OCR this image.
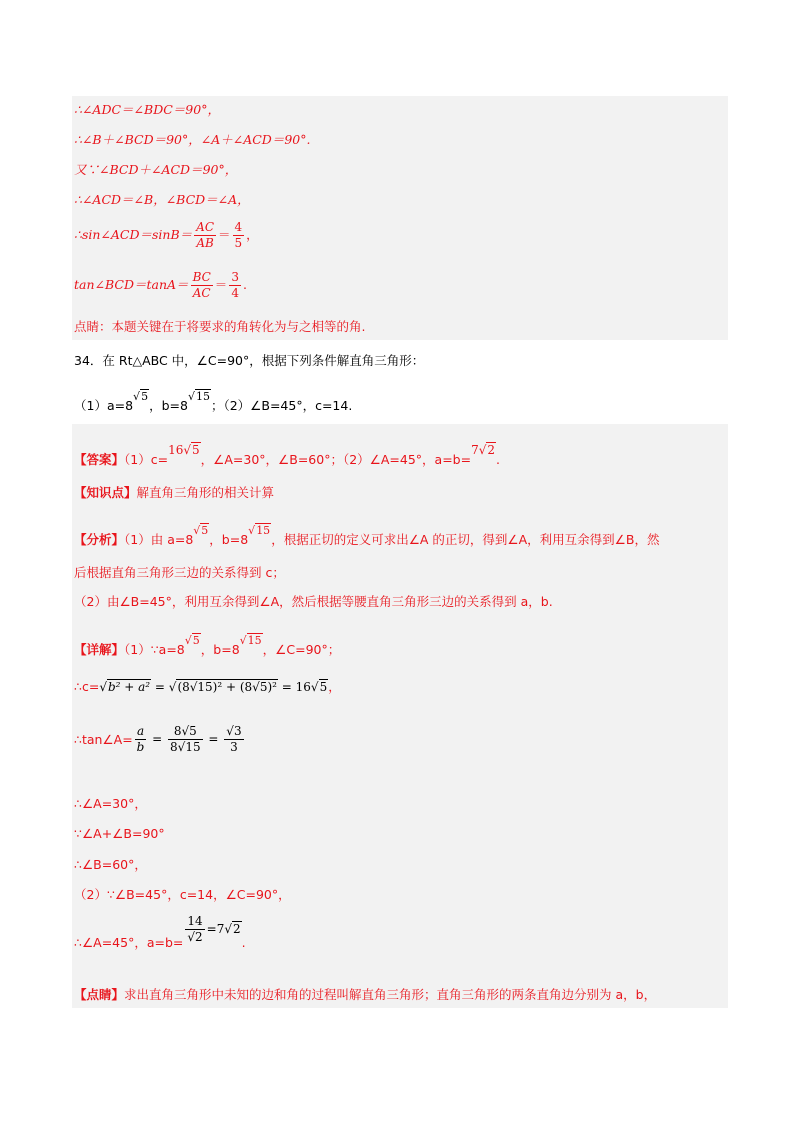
∴∠ADC＝∠BDC＝90°，
∴∠B＋∠BCD＝90°，∠A＋∠ACD＝90°.
又∵∠BCD＋∠ACD＝90°，
∴∠ACD＝∠B，∠BCD＝∠A，
∴sin∠ACD＝sinB＝ $\frac{AC}{AB} = \frac{4}{5}$ ，
tan∠BCD＝tanA＝ $\frac{BC}{AC} = \frac{3}{4}$ .
点睛：本题关键在于将要求的角转化为与之相等的角.
34．在 Rt△ABC 中，∠C=90°，根据下列条件解直角三角形：
（1）a=8√5，b=8√15；（2）∠B=45°，c=14.
【答案】（1）c=16√5，∠A=30°，∠B=60°；（2）∠A=45°，a=b=7√2.
【知识点】解直角三角形的相关计算
【分析】（1）由 a=8√5，b=8√15，根据正切的定义可求出∠A 的正切，得到∠A，利用互余得到∠B，然
后根据直角三角形三边的关系得到 c；
（2）由∠B=45°，利用互余得到∠A，然后根据等腰直角三角形三边的关系得到 a，b.
【详解】（1）∵a=8√5，b=8√15，∠C=90°；
∴c=√b² + a² = √(8√15)² + (8√5)² = 16√5，
∴tan∠A= $\frac{a}{b} = \frac{8√5}{8√15} = \frac{√3}{3}$
∴∠A=30°，
∵∠A+∠B=90°
∴∠B=60°，
（2）∵∠B=45°，c=14，∠C=90°，
∴∠A=45°，$a=b= \frac{14}{√2} =7√2$.
【点睛】求出直角三角形中未知的边和角的过程叫解直角三角形；直角三角形的两条直角边分别为 a，b，
